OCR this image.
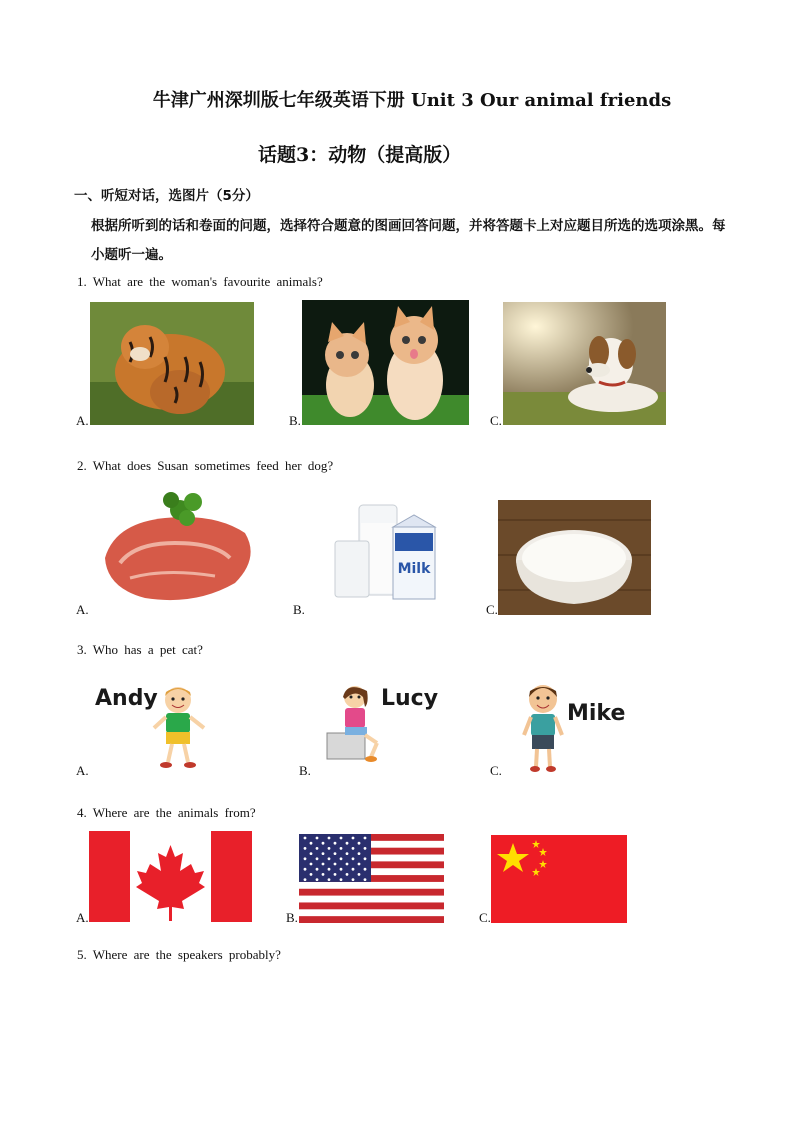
牛津广州深圳版七年级英语下册 Unit 3 Our animal friends
话题3：动物（提高版）
一、听短对话，选图片（5分）
根据所听到的话和卷面的问题，选择符合题意的图画回答问题，并将答题卡上对应题目所选的选项涂黑。每小题听一遍。
1. What are the woman's favourite animals?
A.	B.	C.
2. What does Susan sometimes feed her dog?
A.	B.
Milk
C.
3. Who has a pet cat?
A.
Andy
B.
Lucy
C.
Mike
4. Where are the animals from?
A.	B.	C.
5. Where are the speakers probably?
